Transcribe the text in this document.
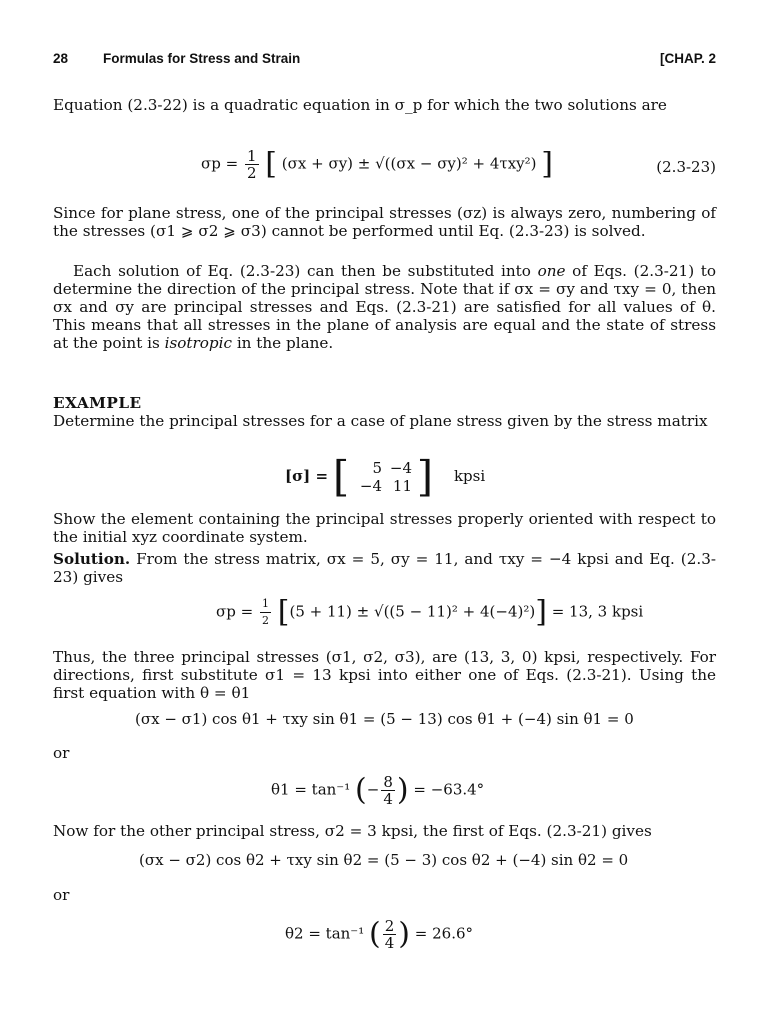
28	Formulas for Stress and Strain	[CHAP. 2
Equation (2.3-22) is a quadratic equation in σ_p for which the two solutions are
$\sigma p = \frac{1}{2}$ [ (σx + σy) ± √((σx − σy)² + 4τxy²) ]	(2.3-23)
Since for plane stress, one of the principal stresses (σz) is always zero, numbering of the stresses (σ1 ⩾ σ2 ⩾ σ3) cannot be performed until Eq. (2.3-23) is solved.
Each solution of Eq. (2.3-23) can then be substituted into one of Eqs. (2.3-21) to determine the direction of the principal stress. Note that if σx = σy and τxy = 0, then σx and σy are principal stresses and Eqs. (2.3-21) are satisfied for all values of θ. This means that all stresses in the plane of analysis are equal and the state of stress at the point is isotropic in the plane.
EXAMPLE
Determine the principal stresses for a case of plane stress given by the stress matrix
[σ] = [	5 −4
−4 11 ] kpsi
Show the element containing the principal stresses properly oriented with respect to the initial xyz coordinate system.
Solution. From the stress matrix, σx = 5, σy = 11, and τxy = −4 kpsi and Eq. (2.3-23) gives
$\sigma p = \frac{1}{2} [(5 + 11) \pm √((5 - 11)^2 + 4(-4)^2)] = 13$, 3 kpsi
Thus, the three principal stresses (σ1, σ2, σ3), are (13, 3, 0) kpsi, respectively. For directions, first substitute σ1 = 13 kpsi into either one of Eqs. (2.3-21). Using the first equation with θ = θ1
(σx − σ1) cos θ1 + τxy sin θ1 = (5 − 13) cos θ1 + (−4) sin θ1 = 0
or
θ1 = tan⁻¹ (− $\frac{8}{4}$ ) = −63.4°
Now for the other principal stress, σ2 = 3 kpsi, the first of Eqs. (2.3-21) gives
(σx − σ2) cos θ2 + τxy sin θ2 = (5 − 3) cos θ2 + (−4) sin θ2 = 0
or
θ2 = tan⁻¹ ( $\frac{2}{4}$ ) = 26.6°
